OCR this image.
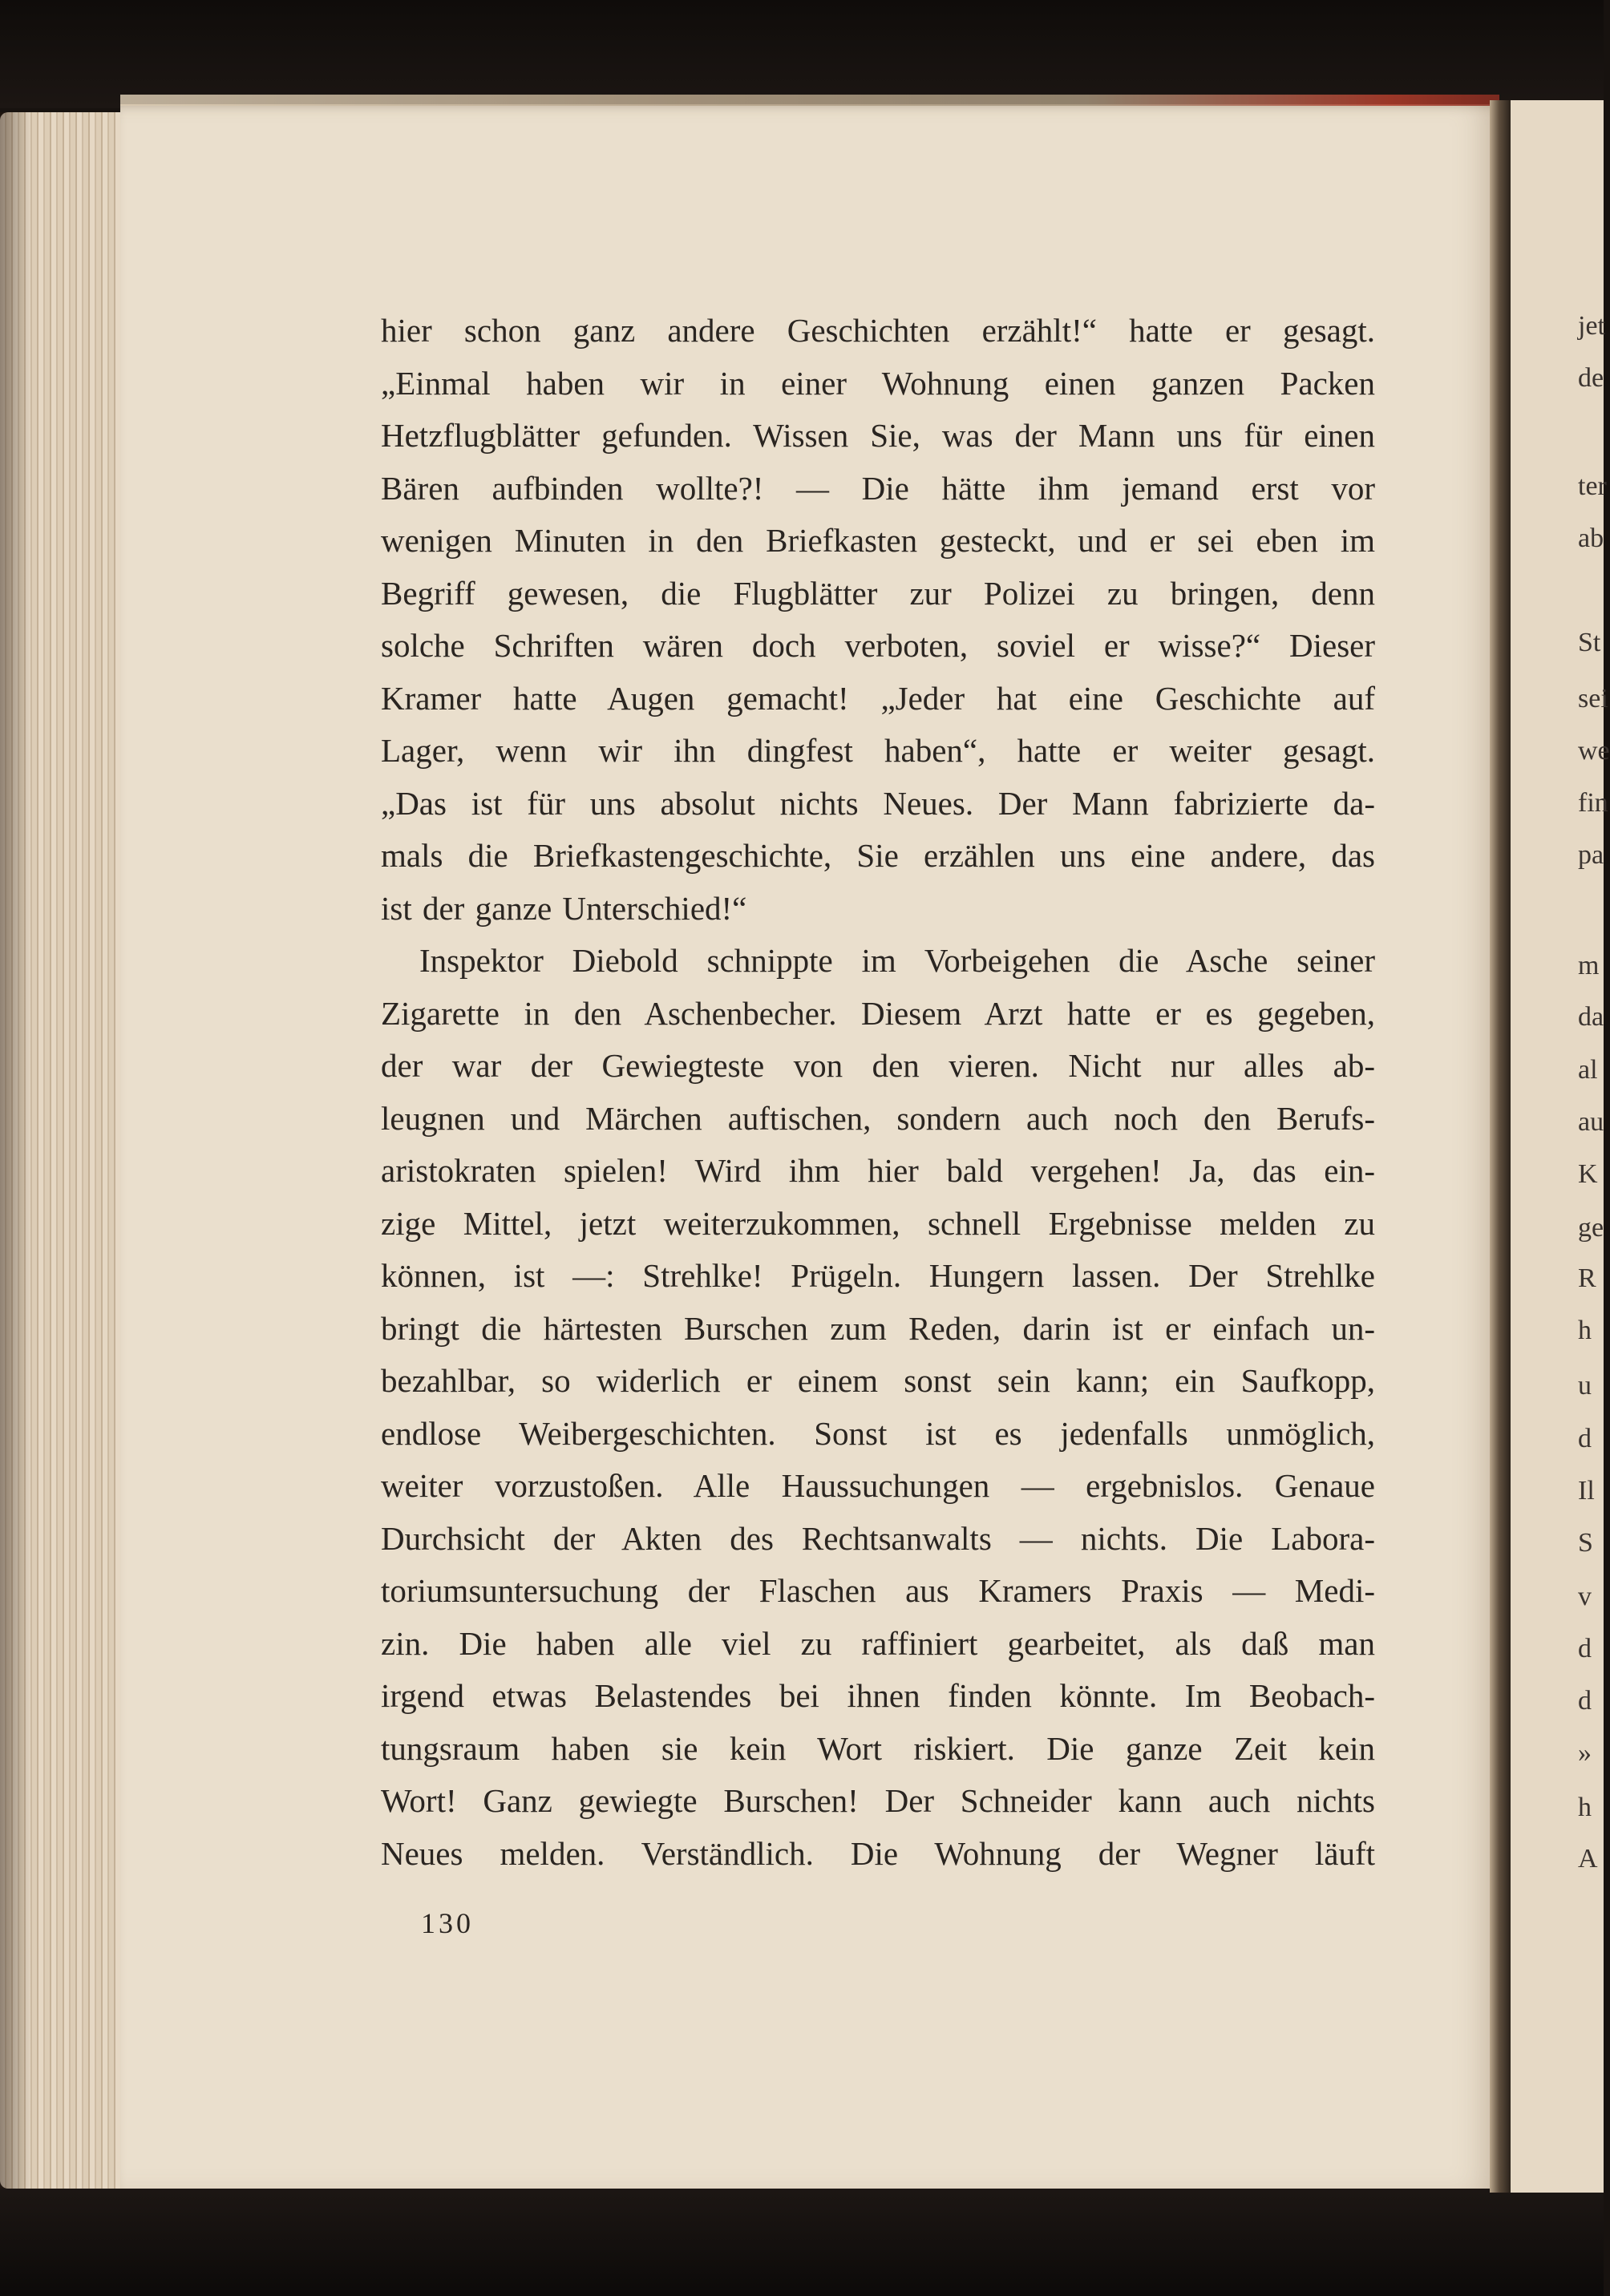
hier schon ganz andere Geschichten erzählt!“ hatte er gesagt.
„Einmal haben wir in einer Wohnung einen ganzen Packen
Hetzflugblätter gefunden. Wissen Sie, was der Mann uns für einen
Bären aufbinden wollte?! — Die hätte ihm jemand erst vor
wenigen Minuten in den Briefkasten gesteckt, und er sei eben im
Begriff gewesen, die Flugblätter zur Polizei zu bringen, denn
solche Schriften wären doch verboten, soviel er wisse?“ Dieser
Kramer hatte Augen gemacht! „Jeder hat eine Geschichte auf
Lager, wenn wir ihn dingfest haben“, hatte er weiter gesagt.
„Das ist für uns absolut nichts Neues. Der Mann fabrizierte da-
mals die Briefkastengeschichte, Sie erzählen uns eine andere, das
ist der ganze Unterschied!“
Inspektor Diebold schnippte im Vorbeigehen die Asche seiner
Zigarette in den Aschenbecher. Diesem Arzt hatte er es gegeben,
der war der Gewiegteste von den vieren. Nicht nur alles ab-
leugnen und Märchen auftischen, sondern auch noch den Berufs-
aristokraten spielen! Wird ihm hier bald vergehen! Ja, das ein-
zige Mittel, jetzt weiterzukommen, schnell Ergebnisse melden zu
können, ist —: Strehlke! Prügeln. Hungern lassen. Der Strehlke
bringt die härtesten Burschen zum Reden, darin ist er einfach un-
bezahlbar, so widerlich er einem sonst sein kann; ein Saufkopp,
endlose Weibergeschichten. Sonst ist es jedenfalls unmöglich,
weiter vorzustoßen. Alle Haussuchungen — ergebnislos. Genaue
Durchsicht der Akten des Rechtsanwalts — nichts. Die Labora-
toriumsuntersuchung der Flaschen aus Kramers Praxis — Medi-
zin. Die haben alle viel zu raffiniert gearbeitet, als daß man
irgend etwas Belastendes bei ihnen finden könnte. Im Beobach-
tungsraum haben sie kein Wort riskiert. Die ganze Zeit kein
Wort! Ganz gewiegte Burschen! Der Schneider kann auch nichts
Neues melden. Verständlich. Die Wohnung der Wegner läuft
130
jet
de
ter
ab
St
sei
we
fin
pa
m
da
al
au
K
ge
R
h
u
d
Il
S
v
d
d
»
h
A
